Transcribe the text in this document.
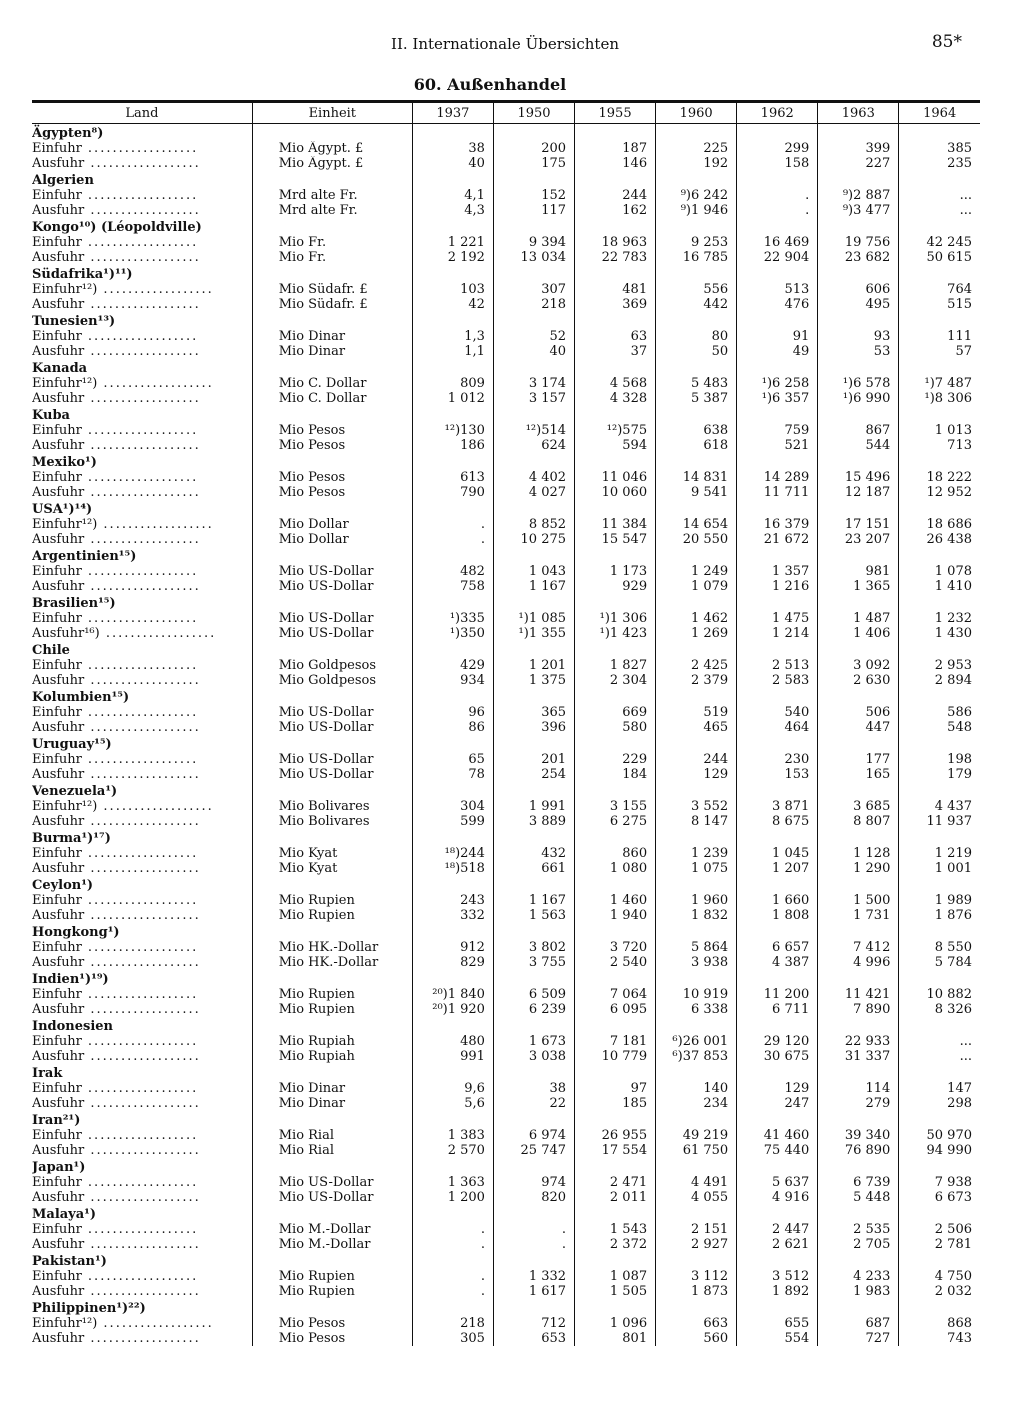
II. Internationale Übersichten	85*
60. Außenhandel
Land	Einheit	1937	1950	1955	1960	1962	1963	1964
Ägypten⁸)								
Einfuhr ..................	Mio Ägypt. £	38	200	187	225	299	399	385
Ausfuhr ..................	Mio Ägypt. £	40	175	146	192	158	227	235
Algerien								
Einfuhr ..................	Mrd alte Fr.	4,1	152	244	⁹)6 242	.	⁹)2 887	...
Ausfuhr ..................	Mrd alte Fr.	4,3	117	162	⁹)1 946	.	⁹)3 477	...
Kongo¹⁰) (Léopoldville)								
Einfuhr ..................	Mio Fr.	1 221	9 394	18 963	9 253	16 469	19 756	42 245
Ausfuhr ..................	Mio Fr.	2 192	13 034	22 783	16 785	22 904	23 682	50 615
Südafrika¹)¹¹)								
Einfuhr¹²) ..................	Mio Südafr. £	103	307	481	556	513	606	764
Ausfuhr ..................	Mio Südafr. £	42	218	369	442	476	495	515
Tunesien¹³)								
Einfuhr ..................	Mio Dinar	1,3	52	63	80	91	93	111
Ausfuhr ..................	Mio Dinar	1,1	40	37	50	49	53	57
Kanada								
Einfuhr¹²) ..................	Mio C. Dollar	809	3 174	4 568	5 483	¹)6 258	¹)6 578	¹)7 487
Ausfuhr ..................	Mio C. Dollar	1 012	3 157	4 328	5 387	¹)6 357	¹)6 990	¹)8 306
Kuba								
Einfuhr ..................	Mio Pesos	¹²)130	¹²)514	¹²)575	638	759	867	1 013
Ausfuhr ..................	Mio Pesos	186	624	594	618	521	544	713
Mexiko¹)								
Einfuhr ..................	Mio Pesos	613	4 402	11 046	14 831	14 289	15 496	18 222
Ausfuhr ..................	Mio Pesos	790	4 027	10 060	9 541	11 711	12 187	12 952
USA¹)¹⁴)								
Einfuhr¹²) ..................	Mio Dollar	.	8 852	11 384	14 654	16 379	17 151	18 686
Ausfuhr ..................	Mio Dollar	.	10 275	15 547	20 550	21 672	23 207	26 438
Argentinien¹⁵)								
Einfuhr ..................	Mio US-Dollar	482	1 043	1 173	1 249	1 357	981	1 078
Ausfuhr ..................	Mio US-Dollar	758	1 167	929	1 079	1 216	1 365	1 410
Brasilien¹⁵)								
Einfuhr ..................	Mio US-Dollar	¹)335	¹)1 085	¹)1 306	1 462	1 475	1 487	1 232
Ausfuhr¹⁶) ..................	Mio US-Dollar	¹)350	¹)1 355	¹)1 423	1 269	1 214	1 406	1 430
Chile								
Einfuhr ..................	Mio Goldpesos	429	1 201	1 827	2 425	2 513	3 092	2 953
Ausfuhr ..................	Mio Goldpesos	934	1 375	2 304	2 379	2 583	2 630	2 894
Kolumbien¹⁵)								
Einfuhr ..................	Mio US-Dollar	96	365	669	519	540	506	586
Ausfuhr ..................	Mio US-Dollar	86	396	580	465	464	447	548
Uruguay¹⁵)								
Einfuhr ..................	Mio US-Dollar	65	201	229	244	230	177	198
Ausfuhr ..................	Mio US-Dollar	78	254	184	129	153	165	179
Venezuela¹)								
Einfuhr¹²) ..................	Mio Bolivares	304	1 991	3 155	3 552	3 871	3 685	4 437
Ausfuhr ..................	Mio Bolivares	599	3 889	6 275	8 147	8 675	8 807	11 937
Burma¹)¹⁷)								
Einfuhr ..................	Mio Kyat	¹⁸)244	432	860	1 239	1 045	1 128	1 219
Ausfuhr ..................	Mio Kyat	¹⁸)518	661	1 080	1 075	1 207	1 290	1 001
Ceylon¹)								
Einfuhr ..................	Mio Rupien	243	1 167	1 460	1 960	1 660	1 500	1 989
Ausfuhr ..................	Mio Rupien	332	1 563	1 940	1 832	1 808	1 731	1 876
Hongkong¹)								
Einfuhr ..................	Mio HK.-Dollar	912	3 802	3 720	5 864	6 657	7 412	8 550
Ausfuhr ..................	Mio HK.-Dollar	829	3 755	2 540	3 938	4 387	4 996	5 784
Indien¹)¹⁹)								
Einfuhr ..................	Mio Rupien	²⁰)1 840	6 509	7 064	10 919	11 200	11 421	10 882
Ausfuhr ..................	Mio Rupien	²⁰)1 920	6 239	6 095	6 338	6 711	7 890	8 326
Indonesien								
Einfuhr ..................	Mio Rupiah	480	1 673	7 181	⁶)26 001	29 120	22 933	...
Ausfuhr ..................	Mio Rupiah	991	3 038	10 779	⁶)37 853	30 675	31 337	...
Irak								
Einfuhr ..................	Mio Dinar	9,6	38	97	140	129	114	147
Ausfuhr ..................	Mio Dinar	5,6	22	185	234	247	279	298
Iran²¹)								
Einfuhr ..................	Mio Rial	1 383	6 974	26 955	49 219	41 460	39 340	50 970
Ausfuhr ..................	Mio Rial	2 570	25 747	17 554	61 750	75 440	76 890	94 990
Japan¹)								
Einfuhr ..................	Mio US-Dollar	1 363	974	2 471	4 491	5 637	6 739	7 938
Ausfuhr ..................	Mio US-Dollar	1 200	820	2 011	4 055	4 916	5 448	6 673
Malaya¹)								
Einfuhr ..................	Mio M.-Dollar	.	.	1 543	2 151	2 447	2 535	2 506
Ausfuhr ..................	Mio M.-Dollar	.	.	2 372	2 927	2 621	2 705	2 781
Pakistan¹)								
Einfuhr ..................	Mio Rupien	.	1 332	1 087	3 112	3 512	4 233	4 750
Ausfuhr ..................	Mio Rupien	.	1 617	1 505	1 873	1 892	1 983	2 032
Philippinen¹)²²)								
Einfuhr¹²) ..................	Mio Pesos	218	712	1 096	663	655	687	868
Ausfuhr ..................	Mio Pesos	305	653	801	560	554	727	743
